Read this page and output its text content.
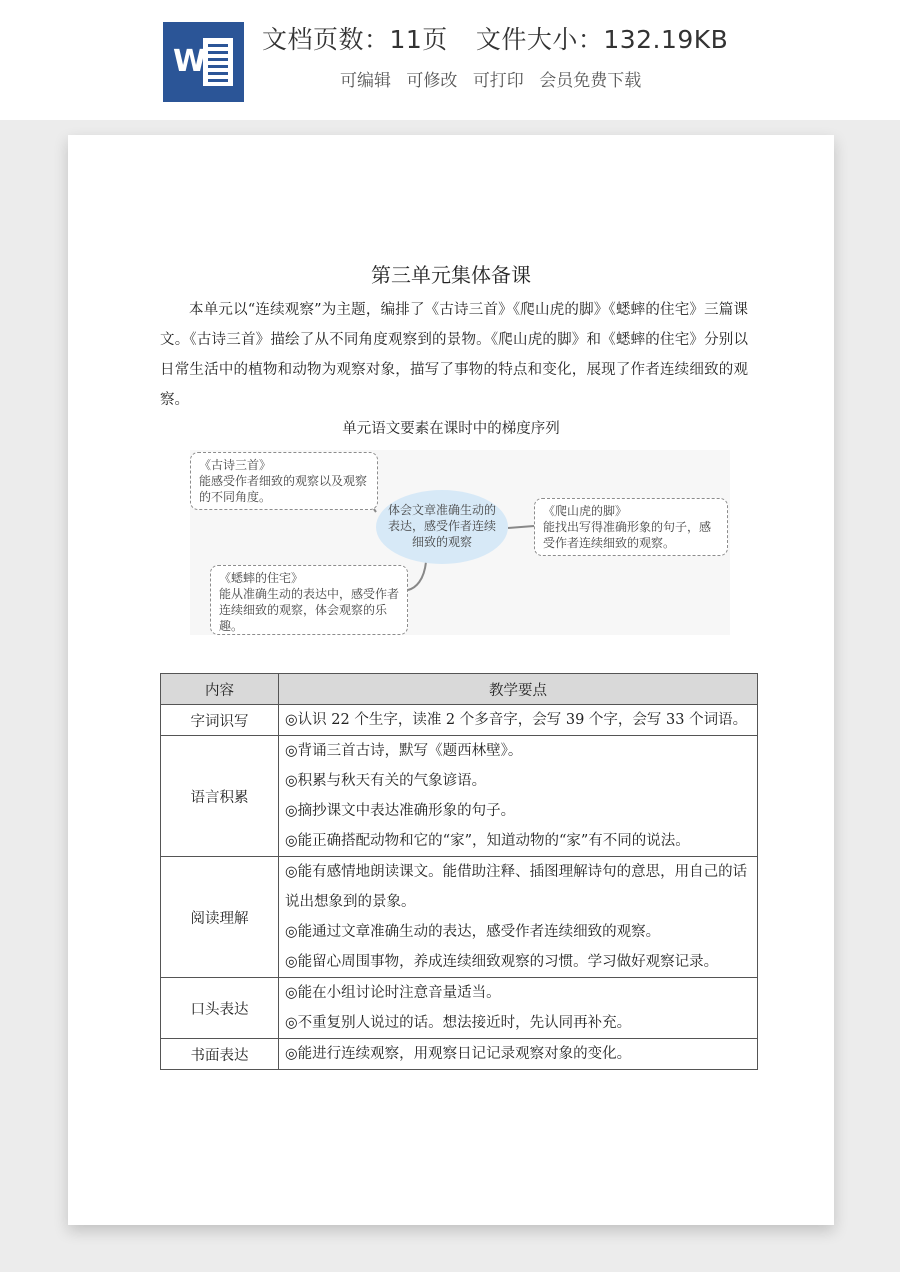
W
文档页数：11页 文件大小：132.19KB
可编辑 可修改 可打印 会员免费下载
第三单元集体备课
本单元以“连续观察”为主题，编排了《古诗三首》《爬山虎的脚》《蟋蟀的住宅》三篇课文。《古诗三首》描绘了从不同角度观察到的景物。《爬山虎的脚》和《蟋蟀的住宅》分别以日常生活中的植物和动物为观察对象，描写了事物的特点和变化，展现了作者连续细致的观察。
单元语文要素在课时中的梯度序列
体会文章准确生动的表达，感受作者连续细致的观察
《古诗三首》
能感受作者细致的观察以及观察的不同角度。
《爬山虎的脚》
能找出写得准确形象的句子，感受作者连续细致的观察。
《蟋蟀的住宅》
能从准确生动的表达中，感受作者连续细致的观察，体会观察的乐趣。
内容	教学要点
字词识写	◎认识 22 个生字，读准 2 个多音字，会写 39 个字，会写 33 个词语。

语言积累	◎背诵三首古诗，默写《题西林壁》。
◎积累与秋天有关的气象谚语。
◎摘抄课文中表达准确形象的句子。
◎能正确搭配动物和它的“家”，知道动物的“家”有不同的说法。

阅读理解	◎能有感情地朗读课文。能借助注释、插图理解诗句的意思，用自己的话说出想象到的景象。
◎能通过文章准确生动的表达，感受作者连续细致的观察。
◎能留心周围事物，养成连续细致观察的习惯。学习做好观察记录。

口头表达	◎能在小组讨论时注意音量适当。
◎不重复别人说过的话。想法接近时，先认同再补充。

书面表达	◎能进行连续观察，用观察日记记录观察对象的变化。
